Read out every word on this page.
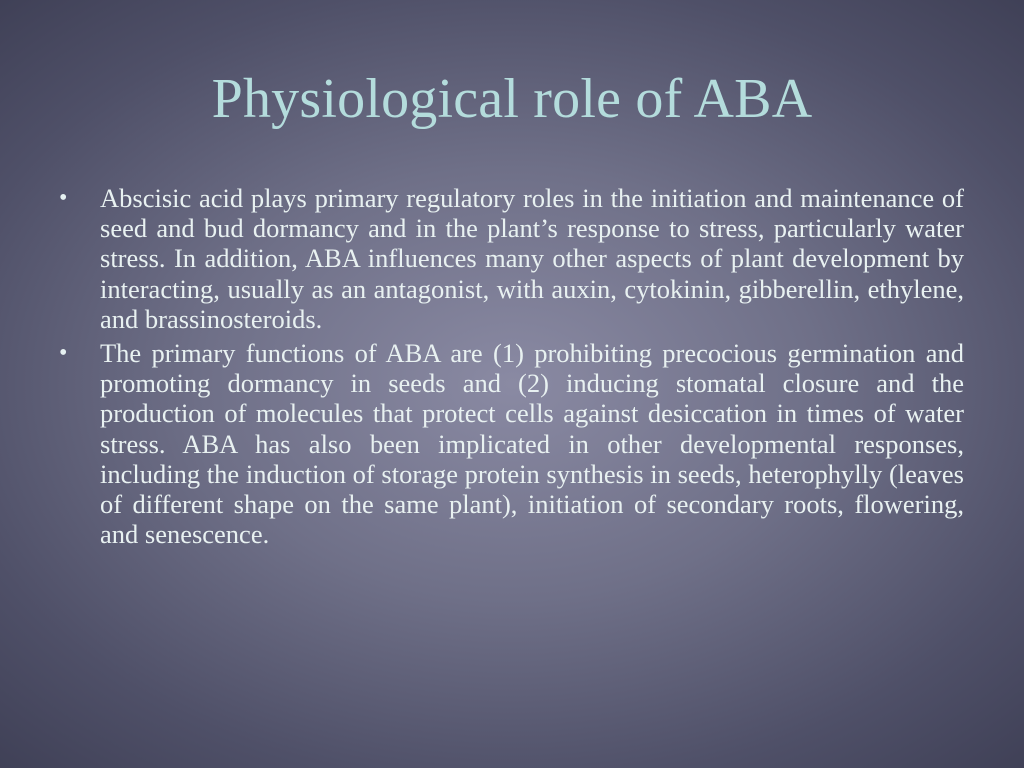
Physiological role of ABA
• Abscisic acid plays primary regulatory roles in the initiation and maintenance of seed and bud dormancy and in the plant’s response to stress, particularly water stress. In addition, ABA influences many other aspects of plant development by interacting, usually as an antagonist, with auxin, cytokinin, gibberellin, ethylene, and brassinosteroids.
• The primary functions of ABA are (1) prohibiting precocious germination and promoting dormancy in seeds and (2) inducing stomatal closure and the production of molecules that protect cells against desiccation in times of water stress. ABA has also been implicated in other developmental responses, including the induction of storage protein synthesis in seeds, heterophylly (leaves of different shape on the same plant), initiation of secondary roots, flowering, and senescence.
